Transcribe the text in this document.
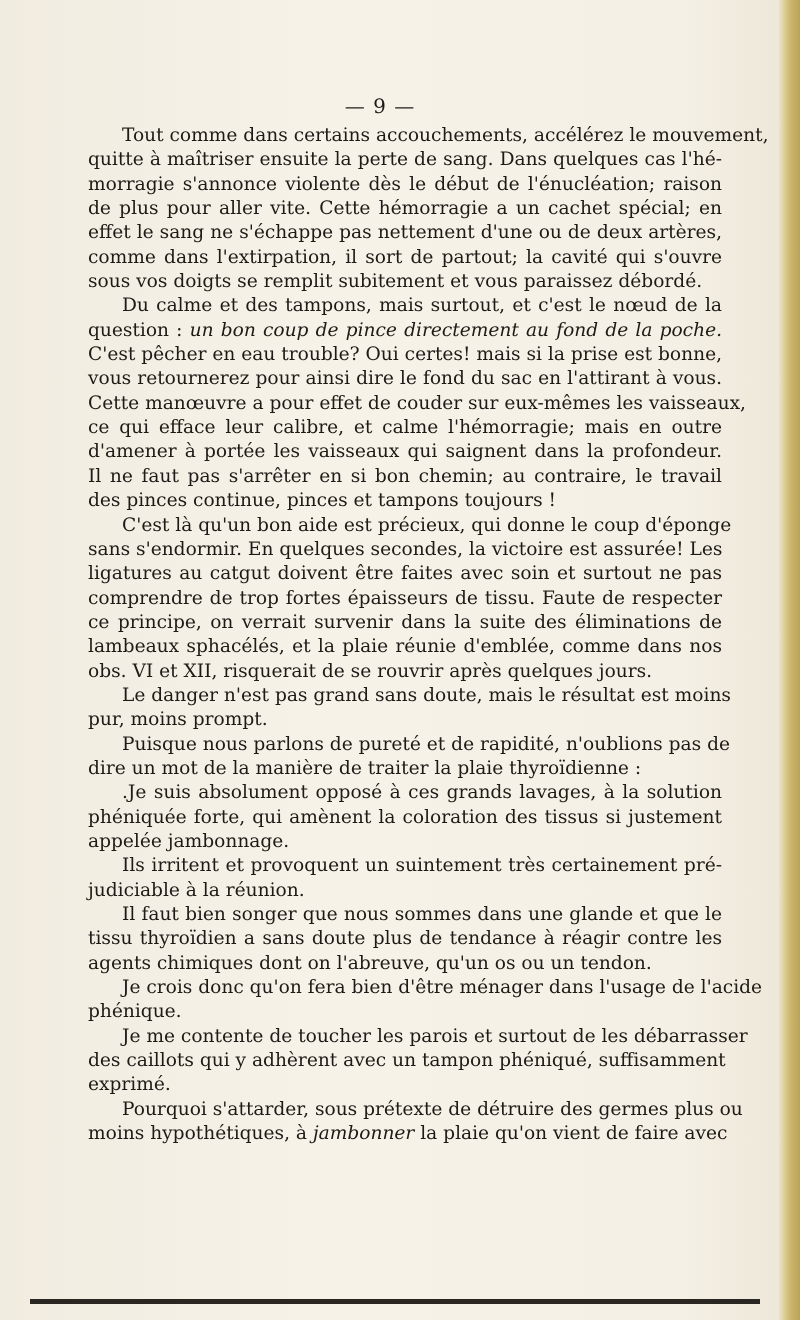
— 9 —
Tout comme dans certains accouchements, accélérez le mouvement,
quitte à maîtriser ensuite la perte de sang. Dans quelques cas l'hé-
morragie s'annonce violente dès le début de l'énucléation; raison
de plus pour aller vite. Cette hémorragie a un cachet spécial; en
effet le sang ne s'échappe pas nettement d'une ou de deux artères,
comme dans l'extirpation, il sort de partout; la cavité qui s'ouvre
sous vos doigts se remplit subitement et vous paraissez débordé.
Du calme et des tampons, mais surtout, et c'est le nœud de la
question : un bon coup de pince directement au fond de la poche.
C'est pêcher en eau trouble? Oui certes! mais si la prise est bonne,
vous retournerez pour ainsi dire le fond du sac en l'attirant à vous.
Cette manœuvre a pour effet de couder sur eux-mêmes les vaisseaux,
ce qui efface leur calibre, et calme l'hémorragie; mais en outre
d'amener à portée les vaisseaux qui saignent dans la profondeur.
Il ne faut pas s'arrêter en si bon chemin; au contraire, le travail
des pinces continue, pinces et tampons toujours !
C'est là qu'un bon aide est précieux, qui donne le coup d'éponge
sans s'endormir. En quelques secondes, la victoire est assurée! Les
ligatures au catgut doivent être faites avec soin et surtout ne pas
comprendre de trop fortes épaisseurs de tissu. Faute de respecter
ce principe, on verrait survenir dans la suite des éliminations de
lambeaux sphacélés, et la plaie réunie d'emblée, comme dans nos
obs. VI et XII, risquerait de se rouvrir après quelques jours.
Le danger n'est pas grand sans doute, mais le résultat est moins
pur, moins prompt.
Puisque nous parlons de pureté et de rapidité, n'oublions pas de
dire un mot de la manière de traiter la plaie thyroïdienne :
.Je suis absolument opposé à ces grands lavages, à la solution
phéniquée forte, qui amènent la coloration des tissus si justement
appelée jambonnage.
Ils irritent et provoquent un suintement très certainement pré-
judiciable à la réunion.
Il faut bien songer que nous sommes dans une glande et que le
tissu thyroïdien a sans doute plus de tendance à réagir contre les
agents chimiques dont on l'abreuve, qu'un os ou un tendon.
Je crois donc qu'on fera bien d'être ménager dans l'usage de l'acide
phénique.
Je me contente de toucher les parois et surtout de les débarrasser
des caillots qui y adhèrent avec un tampon phéniqué, suffisamment
exprimé.
Pourquoi s'attarder, sous prétexte de détruire des germes plus ou
moins hypothétiques, à jambonner la plaie qu'on vient de faire avec
